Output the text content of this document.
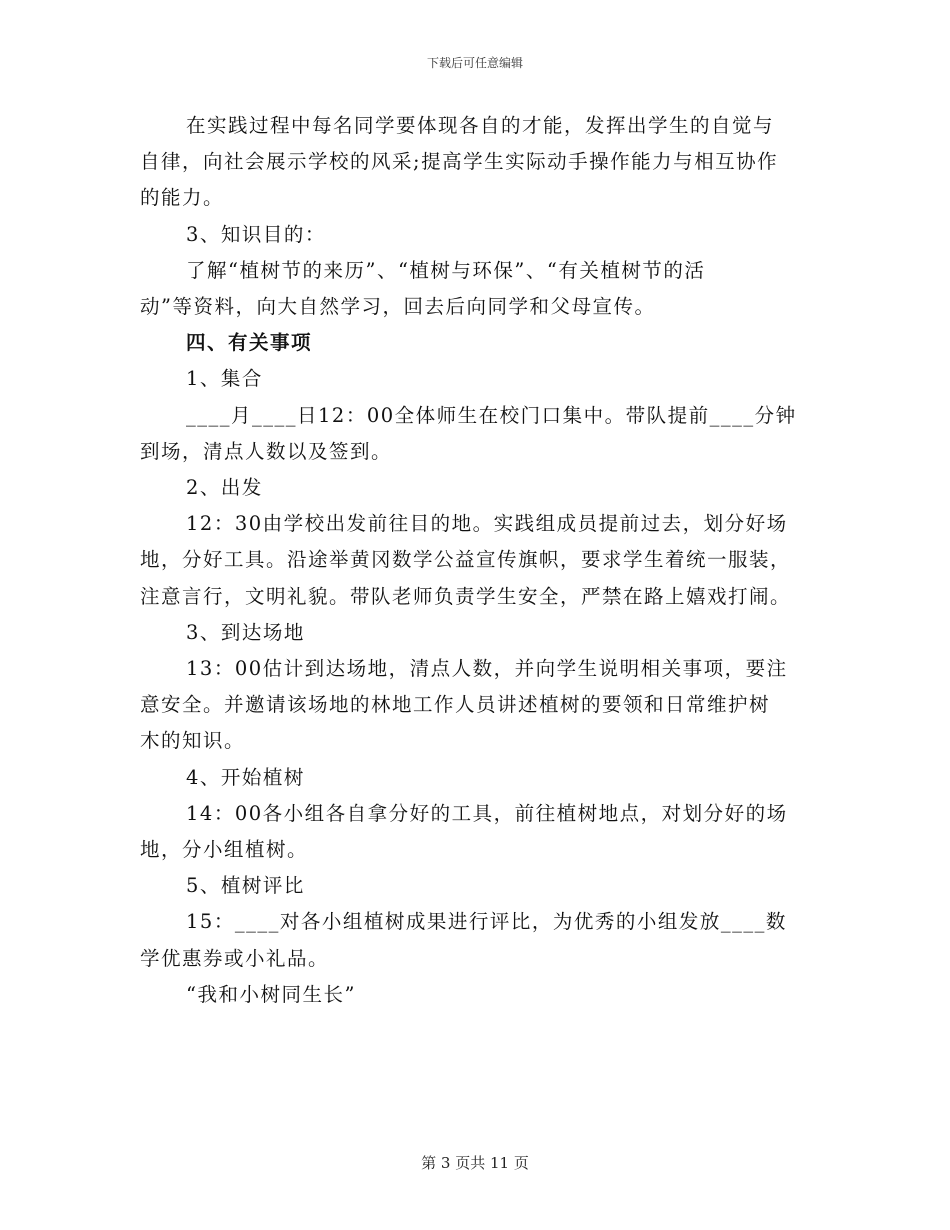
下载后可任意编辑
在实践过程中每名同学要体现各自的才能，发挥出学生的自觉与
自律，向社会展示学校的风采;提高学生实际动手操作能力与相互协作
的能力。
3、知识目的：
了解“植树节的来历”、“植树与环保”、“有关植树节的活
动”等资料，向大自然学习，回去后向同学和父母宣传。
四、有关事项
1、集合
____月____日12：00全体师生在校门口集中。带队提前____分钟
到场，清点人数以及签到。
2、出发
12：30由学校出发前往目的地。实践组成员提前过去，划分好场
地，分好工具。沿途举黄冈数学公益宣传旗帜，要求学生着统一服装，
注意言行，文明礼貌。带队老师负责学生安全，严禁在路上嬉戏打闹。
3、到达场地
13：00估计到达场地，清点人数，并向学生说明相关事项，要注
意安全。并邀请该场地的林地工作人员讲述植树的要领和日常维护树
木的知识。
4、开始植树
14：00各小组各自拿分好的工具，前往植树地点，对划分好的场
地，分小组植树。
5、植树评比
15：____对各小组植树成果进行评比，为优秀的小组发放____数
学优惠券或小礼品。
“我和小树同生长”
第 3 页共 11 页
